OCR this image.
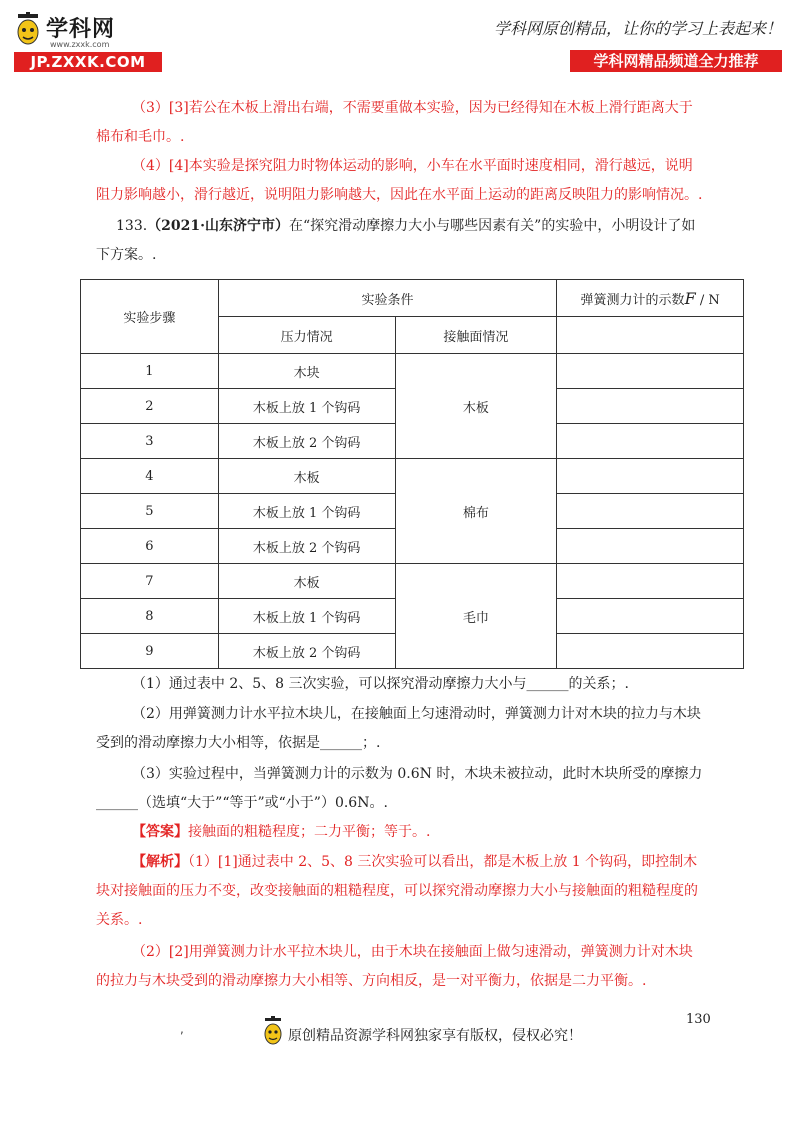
学科网
www.zxxk.com
JP.ZXXK.COM
学科网原创精品，让你的学习上表起来！
学科网精品频道全力推荐

（3）[3]若公在木板上滑出右端，不需要重做本实验，因为已经得知在木板上滑行距离大于棉布和毛巾。.

（4）[4]本实验是探究阻力时物体运动的影响，小车在水平面时速度相同，滑行越远，说明阻力影响越小，滑行越近，说明阻力影响越大，因此在水平面上运动的距离反映阻力的影响情况。.

133.（2021·山东济宁市）在“探究滑动摩擦力大小与哪些因素有关”的实验中，小明设计了如下方案。.

实验步骤	实验条件		弹簧测力计的示数F / N
	压力情况	接触面情况	
1	木块	木板	
2	木板上放 1 个钩码		
3	木板上放 2 个钩码		
4	木板	棉布	
5	木板上放 1 个钩码		
6	木板上放 2 个钩码		
7	木板	毛巾	
8	木板上放 1 个钩码		
9	木板上放 2 个钩码		

（1）通过表中 2、5、8 三次实验，可以探究滑动摩擦力大小与______的关系；.

（2）用弹簧测力计水平拉木块儿，在接触面上匀速滑动时，弹簧测力计对木块的拉力与木块受到的滑动摩擦力大小相等，依据是______；.

（3）实验过程中，当弹簧测力计的示数为 0.6N 时，木块未被拉动，此时木块所受的摩擦力______（选填“大于”“等于”或“小于”）0.6N。.

【答案】接触面的粗糙程度；二力平衡；等于。.

【解析】（1）[1]通过表中 2、5、8 三次实验可以看出，都是木板上放 1 个钩码，即控制木块对接触面的压力不变，改变接触面的粗糙程度，可以探究滑动摩擦力大小与接触面的粗糙程度的关系。.

（2）[2]用弹簧测力计水平拉木块儿，由于木块在接触面上做匀速滑动，弹簧测力计对木块的拉力与木块受到的滑动摩擦力大小相等、方向相反，是一对平衡力，依据是二力平衡。.

130
,	原创精品资源学科网独家享有版权，侵权必究！
